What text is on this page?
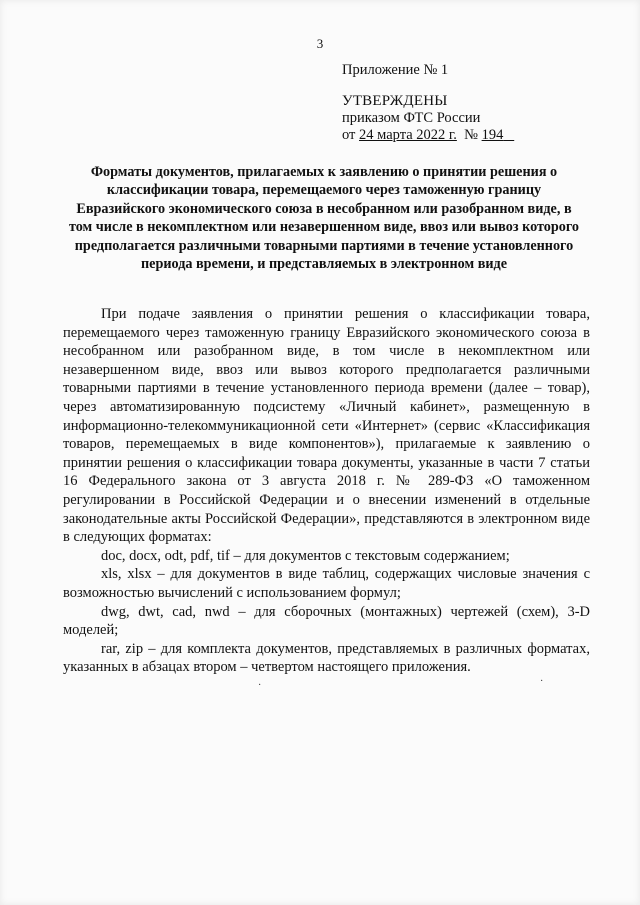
3
Приложение № 1
УТВЕРЖДЕНЫ
приказом ФТС России
от 24 марта 2022 г. № 194
Форматы документов, прилагаемых к заявлению о принятии решения о классификации товара, перемещаемого через таможенную границу Евразийского экономического союза в несобранном или разобранном виде, в том числе в некомплектном или незавершенном виде, ввоз или вывоз которого предполагается различными товарными партиями в течение установленного периода времени, и представляемых в электронном виде

При подаче заявления о принятии решения о классификации товара, перемещаемого через таможенную границу Евразийского экономического союза в несобранном или разобранном виде, в том числе в некомплектном или незавершенном виде, ввоз или вывоз которого предполагается различными товарными партиями в течение установленного периода времени (далее – товар), через автоматизированную подсистему «Личный кабинет», размещенную в информационно-телекоммуникационной сети «Интернет» (сервис «Классификация товаров, перемещаемых в виде компонентов»), прилагаемые к заявлению о принятии решения о классификации товара документы, указанные в части 7 статьи 16 Федерального закона от 3 августа 2018 г. № 289-ФЗ «О таможенном регулировании в Российской Федерации и о внесении изменений в отдельные законодательные акты Российской Федерации», представляются в электронном виде в следующих форматах:

doc, docx, odt, pdf, tif – для документов с текстовым содержанием;

xls, xlsx – для документов в виде таблиц, содержащих числовые значения с возможностью вычислений с использованием формул;

dwg, dwt, cad, nwd – для сборочных (монтажных) чертежей (схем), 3-D моделей;

rar, zip – для комплекта документов, представляемых в различных форматах, указанных в абзацах втором – четвертом настоящего приложения.

·	·
